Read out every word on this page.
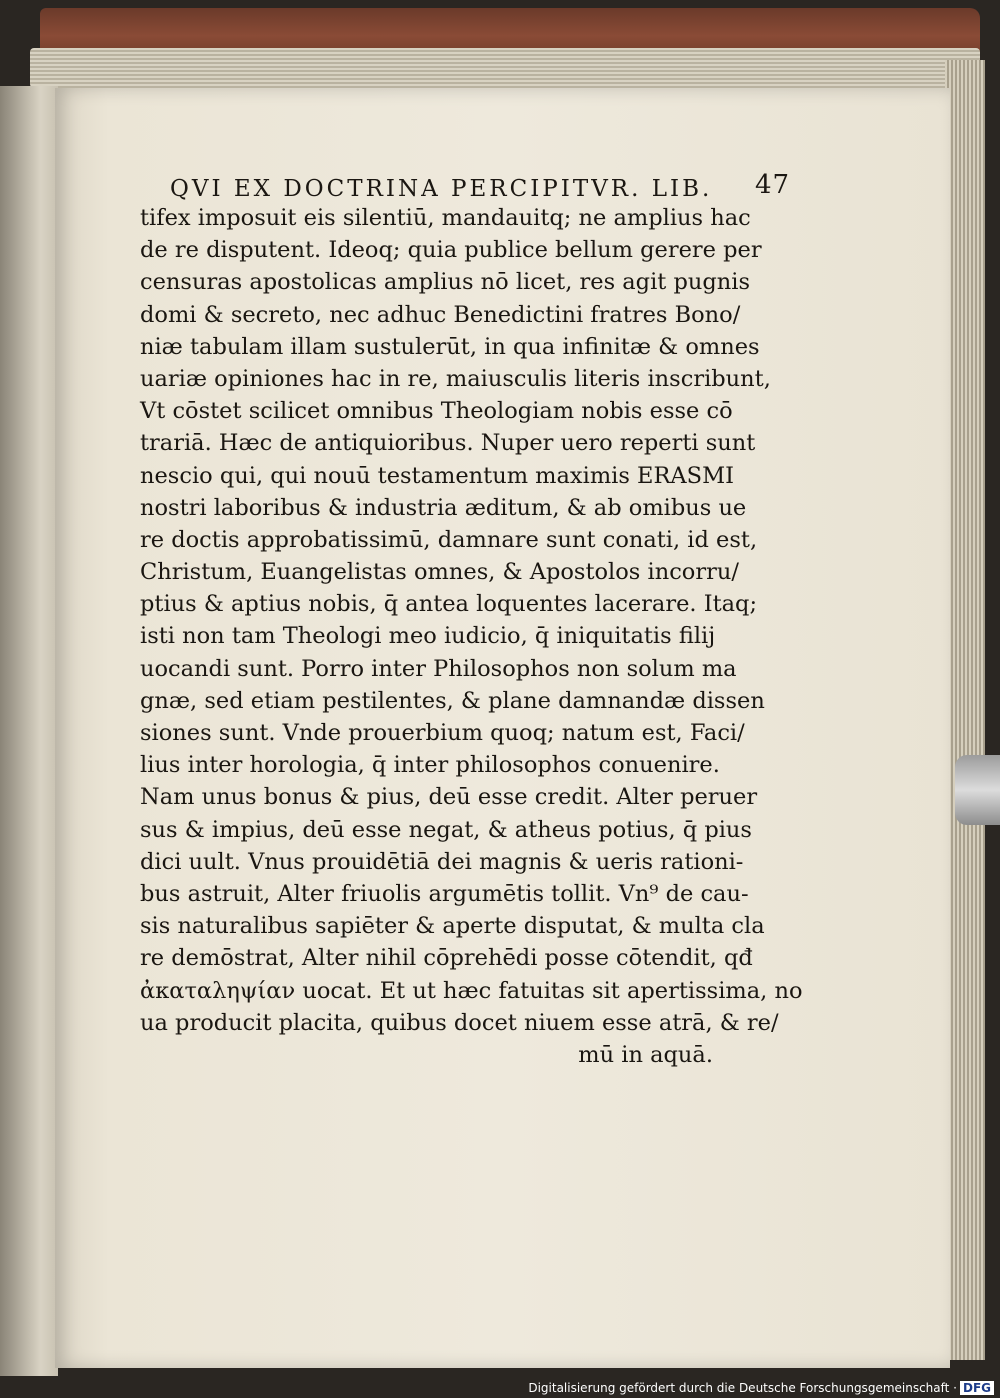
QVI EX DOCTRINA PERCIPITVR. LIB. 47
tifex imposuit eis silentiū, mandauitq; ne amplius hac
de re disputent. Ideoq; quia publice bellum gerere per
censuras apostolicas amplius nō licet, res agit pugnis
domi & secreto, nec adhuc Benedictini fratres Bono/
niæ tabulam illam sustulerūt, in qua infinitæ & omnes
uariæ opiniones hac in re, maiusculis literis inscribunt,
Vt cōstet scilicet omnibus Theologiam nobis esse cō
trariā. Hæc de antiquioribus. Nuper uero reperti sunt
nescio qui, qui nouū testamentum maximis ERASMI
nostri laboribus & industria æditum, & ab omibus ue
re doctis approbatissimū, damnare sunt conati, id est,
Christum, Euangelistas omnes, & Apostolos incorru/
ptius & aptius nobis, q̄ antea loquentes lacerare. Itaq;
isti non tam Theologi meo iudicio, q̄ iniquitatis filij
uocandi sunt. Porro inter Philosophos non solum ma
gnæ, sed etiam pestilentes, & plane damnandæ dissen
siones sunt. Vnde prouerbium quoq; natum est, Faci/
lius inter horologia, q̄ inter philosophos conuenire.
Nam unus bonus & pius, deū esse credit. Alter peruer
sus & impius, deū esse negat, & atheus potius, q̄ pius
dici uult. Vnus prouidētiā dei magnis & ueris rationi-
bus astruit, Alter friuolis argumētis tollit. Vn⁹ de cau-
sis naturalibus sapiēter & aperte disputat, & multa cla
re demōstrat, Alter nihil cōprehēdi posse cōtendit, qđ
ἀκαταληψίαν uocat. Et ut hæc fatuitas sit apertissima, no
ua producit placita, quibus docet niuem esse atrā, & re/
mū in aquā.
Digitalisierung gefördert durch die Deutsche Forschungsgemeinschaft · DFG
